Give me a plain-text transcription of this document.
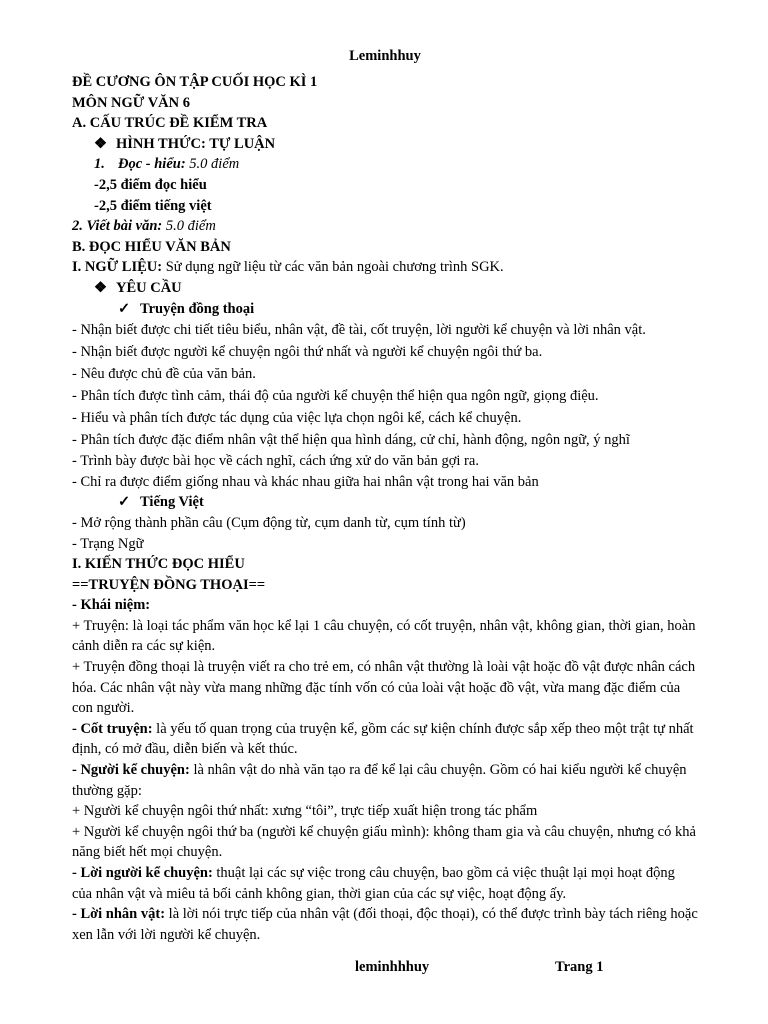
Leminhhuy
ĐỀ CƯƠNG ÔN TẬP CUỐI HỌC KÌ 1
MÔN NGỮ VĂN 6
A. CẤU TRÚC ĐỀ KIỂM TRA
❖ HÌNH THỨC: TỰ LUẬN
1. Đọc - hiểu: 5.0 điểm
-2,5 điểm đọc hiểu
-2,5 điểm tiếng việt
2. Viết bài văn: 5.0 điểm
B. ĐỌC HIỂU VĂN BẢN
I. NGỮ LIỆU: Sử dụng ngữ liệu từ các văn bản ngoài chương trình SGK.
❖ YÊU CẦU
✓ Truyện đồng thoại
- Nhận biết được chi tiết tiêu biểu, nhân vật, đề tài, cốt truyện, lời người kể chuyện và lời nhân vật.
- Nhận biết được người kể chuyện ngôi thứ nhất và người kể chuyện ngôi thứ ba.
- Nêu được chủ đề của văn bản.
- Phân tích được tình cảm, thái độ của người kể chuyện thể hiện qua ngôn ngữ, giọng điệu.
- Hiểu và phân tích được tác dụng của việc lựa chọn ngôi kể, cách kể chuyện.
- Phân tích được đặc điểm nhân vật thể hiện qua hình dáng, cử chỉ, hành động, ngôn ngữ, ý nghĩ
- Trình bày được bài học về cách nghĩ, cách ứng xử do văn bản gợi ra.
- Chỉ ra được điểm giống nhau và khác nhau giữa hai nhân vật trong hai văn bản
✓ Tiếng Việt
- Mở rộng thành phần câu (Cụm động từ, cụm danh từ, cụm tính từ)
- Trạng Ngữ
I. KIẾN THỨC ĐỌC HIỂU
==TRUYỆN ĐỒNG THOẠI==
- Khái niệm:
+ Truyện: là loại tác phẩm văn học kể lại 1 câu chuyện, có cốt truyện, nhân vật, không gian, thời gian, hoàn cảnh diễn ra các sự kiện.
+ Truyện đồng thoại là truyện viết ra cho trẻ em, có nhân vật thường là loài vật hoặc đồ vật được nhân cách hóa. Các nhân vật này vừa mang những đặc tính vốn có của loài vật hoặc đồ vật, vừa mang đặc điểm của con người.
- Cốt truyện: là yếu tố quan trọng của truyện kể, gồm các sự kiện chính được sắp xếp theo một trật tự nhất định, có mở đầu, diễn biến và kết thúc.
- Người kể chuyện: là nhân vật do nhà văn tạo ra để kể lại câu chuyện. Gồm có hai kiểu người kể chuyện thường gặp:
+ Người kể chuyện ngôi thứ nhất: xưng “tôi”, trực tiếp xuất hiện trong tác phẩm
+ Người kể chuyện ngôi thứ ba (người kể chuyện giấu mình): không tham gia và câu chuyện, nhưng có khả năng biết hết mọi chuyện.
- Lời người kể chuyện: thuật lại các sự việc trong câu chuyện, bao gồm cả việc thuật lại mọi hoạt động của nhân vật và miêu tả bối cảnh không gian, thời gian của các sự việc, hoạt động ấy.
- Lời nhân vật: là lời nói trực tiếp của nhân vật (đối thoại, độc thoại), có thể được trình bày tách riêng hoặc xen lẫn với lời người kể chuyện.
leminhhhuy	Trang 1
